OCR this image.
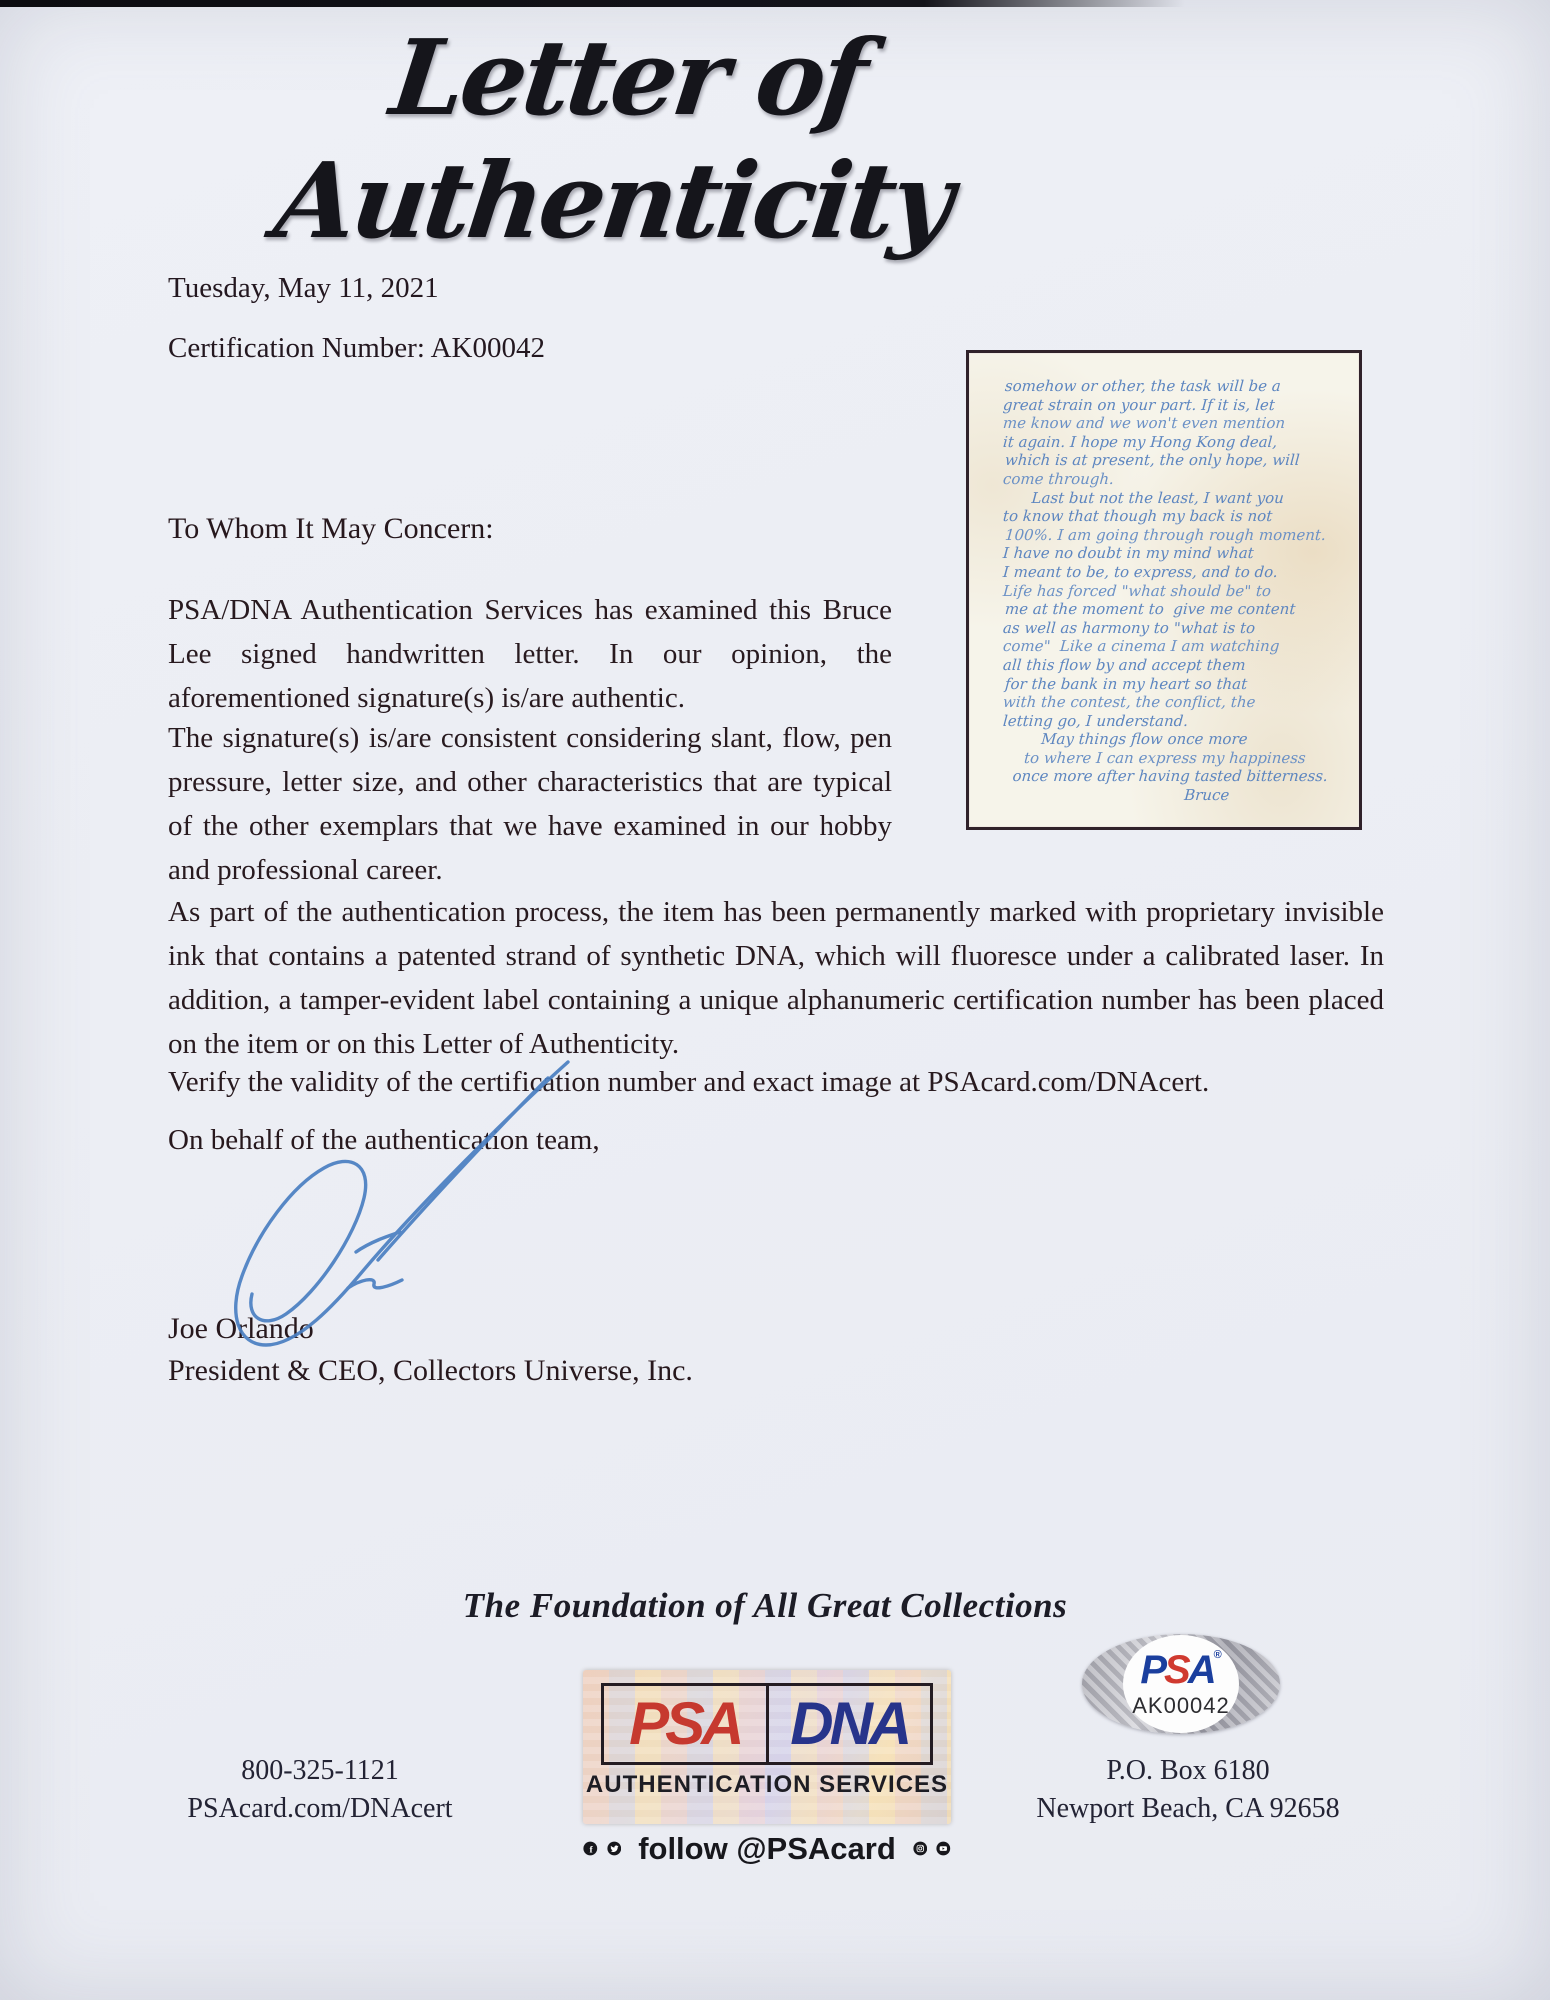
Letter of Authenticity
Tuesday, May 11, 2021
Certification Number: AK00042
somehow or other, the task will be a
great strain on your part. If it is, let
me know and we won't even mention
it again. I hope my Hong Kong deal,
which is at present, the only hope, will
come through.
Last but not the least, I want you
to know that though my back is not
100%. I am going through rough moment.
I have no doubt in my mind what
I meant to be, to express, and to do.
Life has forced "what should be" to
me at the moment to  give me content
as well as harmony to "what is to
come"  Like a cinema I am watching
all this flow by and accept them
for the bank in my heart so that
with the contest, the conflict, the
letting go, I understand.
May things flow once more
to where I can express my happiness
once more after having tasted bitterness.
Bruce
To Whom It May Concern:

PSA/DNA Authentication Services has examined this Bruce Lee signed handwritten letter. In our opinion, the aforementioned signature(s) is/are authentic.

The signature(s) is/are consistent considering slant, flow, pen pressure, letter size, and other characteristics that are typical of the other exemplars that we have examined in our hobby and professional career.

As part of the authentication process, the item has been permanently marked with proprietary invisible ink that contains a patented strand of synthetic DNA, which will fluoresce under a calibrated laser. In addition, a tamper-evident label containing a unique alphanumeric certification number has been placed on the item or on this Letter of Authenticity.

Verify the validity of the certification number and exact image at PSAcard.com/DNAcert.

On behalf of the authentication team,
Joe Orlando
President & CEO, Collectors Universe, Inc.
The Foundation of All Great Collections
PSA DNA
AUTHENTICATION SERVICES
f follow @PSAcard
PSA®
AK00042
800-325-1121
PSAcard.com/DNAcert
P.O. Box 6180
Newport Beach, CA 92658
